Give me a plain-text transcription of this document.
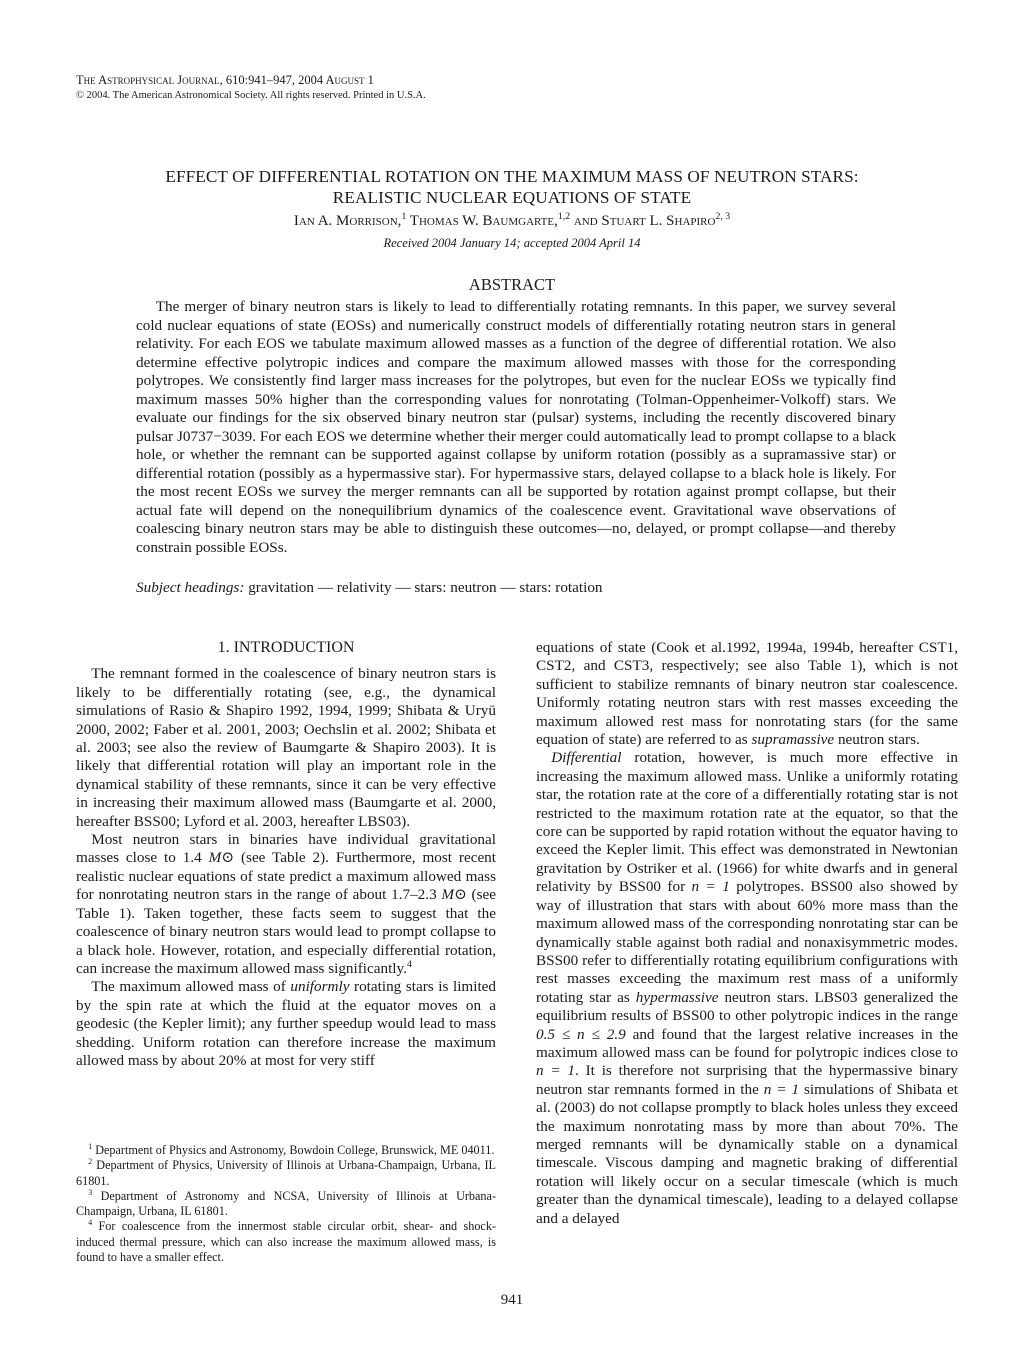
The Astrophysical Journal, 610:941–947, 2004 August 1
© 2004. The American Astronomical Society. All rights reserved. Printed in U.S.A.
EFFECT OF DIFFERENTIAL ROTATION ON THE MAXIMUM MASS OF NEUTRON STARS:
REALISTIC NUCLEAR EQUATIONS OF STATE
Ian A. Morrison,$^1$ Thomas W. Baumgarte,$^{1,2}$ and Stuart L. Shapiro$^{2, 3}$
Received 2004 January 14; accepted 2004 April 14
ABSTRACT

The merger of binary neutron stars is likely to lead to differentially rotating remnants. In this paper, we survey several cold nuclear equations of state (EOSs) and numerically construct models of differentially rotating neutron stars in general relativity. For each EOS we tabulate maximum allowed masses as a function of the degree of differential rotation. We also determine effective polytropic indices and compare the maximum allowed masses with those for the corresponding polytropes. We consistently find larger mass increases for the polytropes, but even for the nuclear EOSs we typically find maximum masses 50% higher than the corresponding values for nonrotating (Tolman-Oppenheimer-Volkoff) stars. We evaluate our findings for the six observed binary neutron star (pulsar) systems, including the recently discovered binary pulsar J0737−3039. For each EOS we determine whether their merger could automatically lead to prompt collapse to a black hole, or whether the remnant can be supported against collapse by uniform rotation (possibly as a supramassive star) or differential rotation (possibly as a hypermassive star). For hypermassive stars, delayed collapse to a black hole is likely. For the most recent EOSs we survey the merger remnants can all be supported by rotation against prompt collapse, but their actual fate will depend on the nonequilibrium dynamics of the coalescence event. Gravitational wave observations of coalescing binary neutron stars may be able to distinguish these outcomes—no, delayed, or prompt collapse—and thereby constrain possible EOSs.

Subject headings: gravitation — relativity — stars: neutron — stars: rotation
1. INTRODUCTION

The remnant formed in the coalescence of binary neutron stars is likely to be differentially rotating (see, e.g., the dynamical simulations of Rasio & Shapiro 1992, 1994, 1999; Shibata & Uryū 2000, 2002; Faber et al. 2001, 2003; Oechslin et al. 2002; Shibata et al. 2003; see also the review of Baumgarte & Shapiro 2003). It is likely that differential rotation will play an important role in the dynamical stability of these remnants, since it can be very effective in increasing their maximum allowed mass (Baumgarte et al. 2000, hereafter BSS00; Lyford et al. 2003, hereafter LBS03).

Most neutron stars in binaries have individual gravitational masses close to 1.4 M⊙ (see Table 2). Furthermore, most recent realistic nuclear equations of state predict a maximum allowed mass for nonrotating neutron stars in the range of about 1.7–2.3 M⊙ (see Table 1). Taken together, these facts seem to suggest that the coalescence of binary neutron stars would lead to prompt collapse to a black hole. However, rotation, and especially differential rotation, can increase the maximum allowed mass significantly.$^4$

The maximum allowed mass of uniformly rotating stars is limited by the spin rate at which the fluid at the equator moves on a geodesic (the Kepler limit); any further speedup would lead to mass shedding. Uniform rotation can therefore increase the maximum allowed mass by about 20% at most for very stiff

$^1$ Department of Physics and Astronomy, Bowdoin College, Brunswick, ME 04011.

$^2$ Department of Physics, University of Illinois at Urbana-Champaign, Urbana, IL 61801.

$^3$ Department of Astronomy and NCSA, University of Illinois at Urbana-Champaign, Urbana, IL 61801.

$^4$ For coalescence from the innermost stable circular orbit, shear- and shock-induced thermal pressure, which can also increase the maximum allowed mass, is found to have a smaller effect.

equations of state (Cook et al.1992, 1994a, 1994b, hereafter CST1, CST2, and CST3, respectively; see also Table 1), which is not sufficient to stabilize remnants of binary neutron star coalescence. Uniformly rotating neutron stars with rest masses exceeding the maximum allowed rest mass for nonrotating stars (for the same equation of state) are referred to as supramassive neutron stars.

Differential rotation, however, is much more effective in increasing the maximum allowed mass. Unlike a uniformly rotating star, the rotation rate at the core of a differentially rotating star is not restricted to the maximum rotation rate at the equator, so that the core can be supported by rapid rotation without the equator having to exceed the Kepler limit. This effect was demonstrated in Newtonian gravitation by Ostriker et al. (1966) for white dwarfs and in general relativity by BSS00 for n = 1 polytropes. BSS00 also showed by way of illustration that stars with about 60% more mass than the maximum allowed mass of the corresponding nonrotating star can be dynamically stable against both radial and nonaxisymmetric modes. BSS00 refer to differentially rotating equilibrium configurations with rest masses exceeding the maximum rest mass of a uniformly rotating star as hypermassive neutron stars. LBS03 generalized the equilibrium results of BSS00 to other polytropic indices in the range 0.5 ≤ n ≤ 2.9 and found that the largest relative increases in the maximum allowed mass can be found for polytropic indices close to n = 1. It is therefore not surprising that the hypermassive binary neutron star remnants formed in the n = 1 simulations of Shibata et al. (2003) do not collapse promptly to black holes unless they exceed the maximum nonrotating mass by more than about 70%. The merged remnants will be dynamically stable on a dynamical timescale. Viscous damping and magnetic braking of differential rotation will likely occur on a secular timescale (which is much greater than the dynamical timescale), leading to a delayed collapse and a delayed

941
